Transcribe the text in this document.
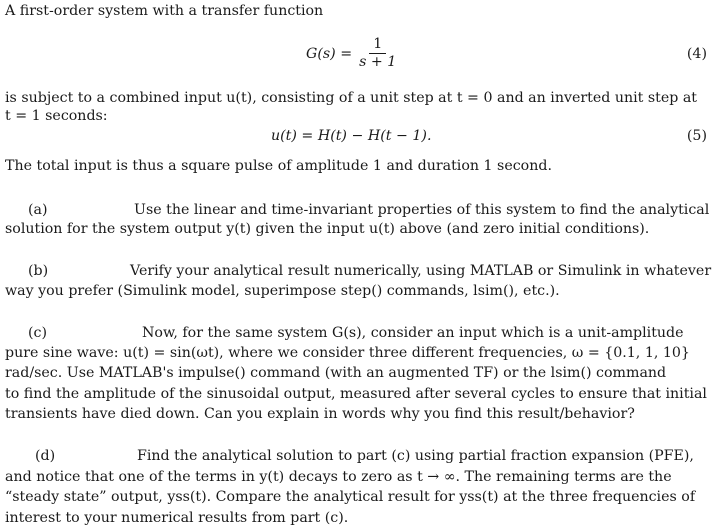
A first-order system with a transfer function
$G(s) = \frac{1}{s + 1}$	(4)
is subject to a combined input u(t), consisting of a unit step at t = 0 and an inverted unit step at
t = 1 seconds:
u(t) = H(t) − H(t − 1).	(5)
The total input is thus a square pulse of amplitude 1 and duration 1 second.
(a)	Use the linear and time-invariant properties of this system to find the analytical
solution for the system output y(t) given the input u(t) above (and zero initial conditions).
(b)	Verify your analytical result numerically, using MATLAB or Simulink in whatever
way you prefer (Simulink model, superimpose step() commands, lsim(), etc.).
(c)	Now, for the same system G(s), consider an input which is a unit-amplitude
pure sine wave: u(t) = sin(ωt), where we consider three different frequencies, ω = {0.1, 1, 10}
rad/sec. Use MATLAB's impulse() command (with an augmented TF) or the lsim() command
to find the amplitude of the sinusoidal output, measured after several cycles to ensure that initial
transients have died down. Can you explain in words why you find this result/behavior?
(d)	Find the analytical solution to part (c) using partial fraction expansion (PFE),
and notice that one of the terms in y(t) decays to zero as t → ∞. The remaining terms are the
“steady state” output, yss(t). Compare the analytical result for yss(t) at the three frequencies of
interest to your numerical results from part (c).
